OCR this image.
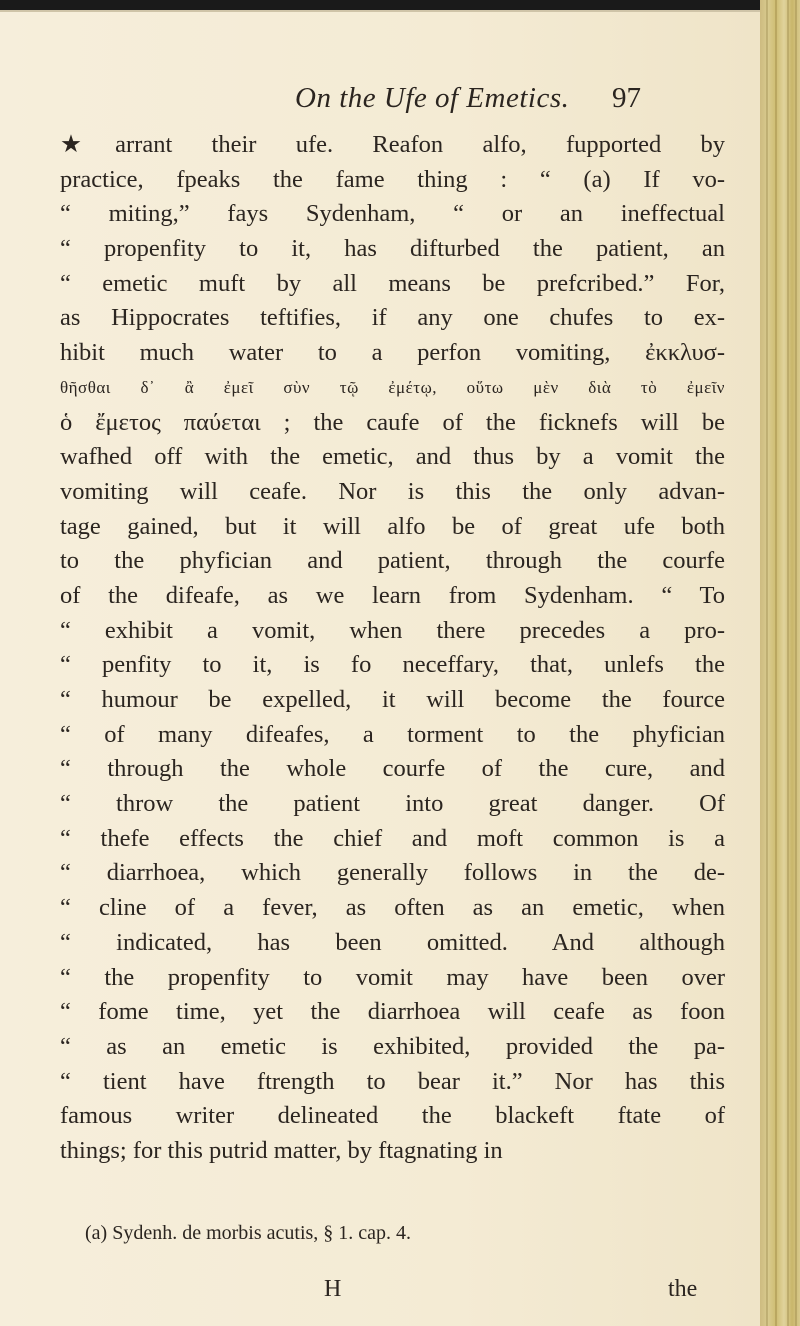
On the Ufe of Emetics. 97
★arrant their ufe. Reafon alfo, fupported by
practice, fpeaks the fame thing : “ (a) If vo-
“ miting,” fays Sydenham, “ or an ineffectual
“ propenfity to it, has difturbed the patient, an
“ emetic muft by all means be prefcribed.” For,
as Hippocrates teftifies, if any one chufes to ex-
hibit much water to a perfon vomiting, ἐκκλυσ-
θῆσθαι δ᾽ ἂ ἐμεῖ σὺν τῷ ἐμέτῳ, οὕτω μὲν διὰ τὸ ἐμεῖν
ὁ ἔμετος παύεται ; the caufe of the ficknefs will be
wafhed off with the emetic, and thus by a vomit the
vomiting will ceafe. Nor is this the only advan-
tage gained, but it will alfo be of great ufe both
to the phyfician and patient, through the courfe
of the difeafe, as we learn from Sydenham. “ To
“ exhibit a vomit, when there precedes a pro-
“ penfity to it, is fo neceffary, that, unlefs the
“ humour be expelled, it will become the fource
“ of many difeafes, a torment to the phyfician
“ through the whole courfe of the cure, and
“ throw the patient into great danger. Of
“ thefe effects the chief and moft common is a
“ diarrhoea, which generally follows in the de-
“ cline of a fever, as often as an emetic, when
“ indicated, has been omitted. And although
“ the propenfity to vomit may have been over
“ fome time, yet the diarrhoea will ceafe as foon
“ as an emetic is exhibited, provided the pa-
“ tient have ftrength to bear it.” Nor has this
famous writer delineated the blackeft ftate of
things; for this putrid matter, by ftagnating in
(a) Sydenh. de morbis acutis, § 1. cap. 4.
H	the
